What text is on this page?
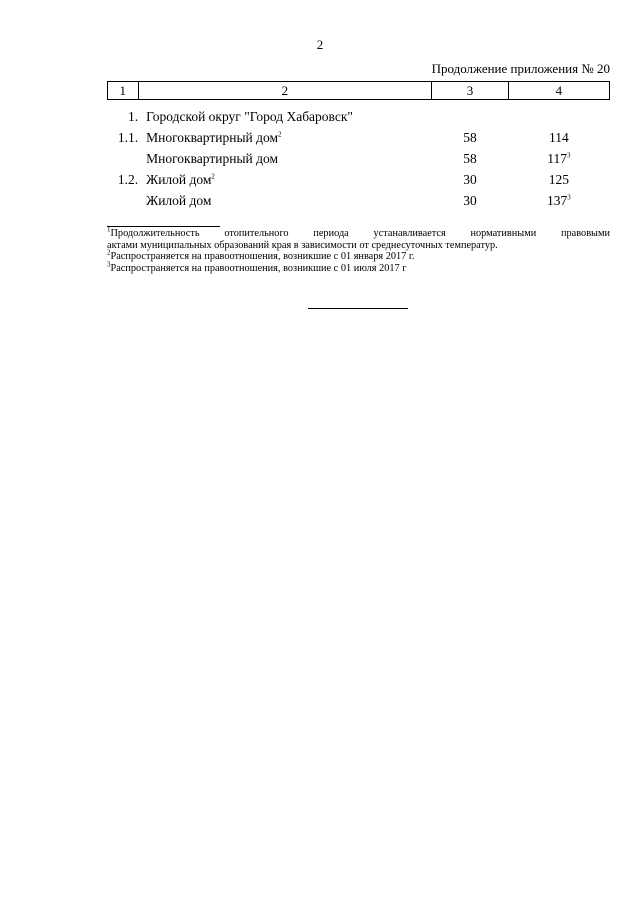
2
Продолжение приложения № 20
1	2	3	4

1.	Городской округ "Город Хабаровск"		
1.1.	Многоквартирный дом$^2$	58	114
	Многоквартирный дом	58	$117^3$
1.2.	Жилой дом$^2$	30	125
	Жилой дом	30	$137^3$

$^1$Продолжительность отопительного периода устанавливается нормативными правовыми

актами муниципальных образований края в зависимости от среднесуточных температур.

$^2$Распространяется на правоотношения, возникшие с 01 января 2017 г.

$^3$Распространяется на правоотношения, возникшие с 01 июля 2017 г
